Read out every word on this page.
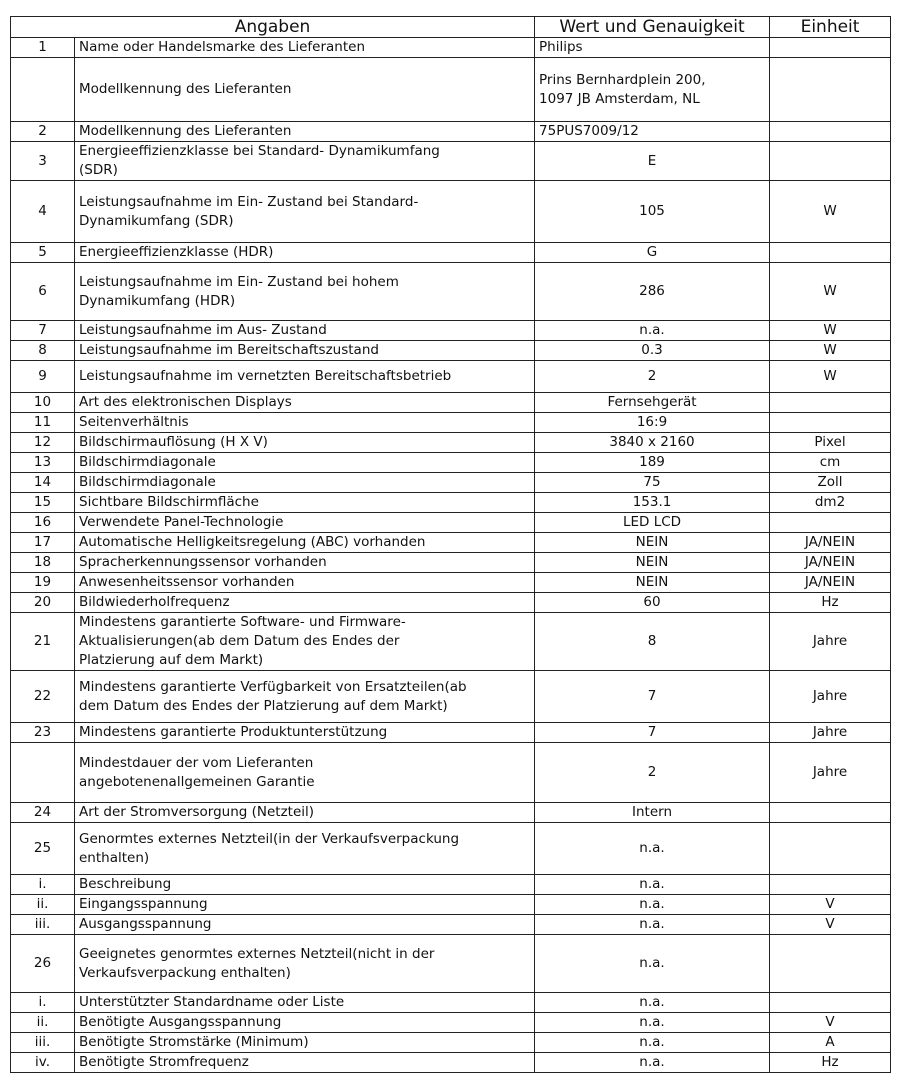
Angaben		Wert und Genauigkeit	Einheit
1	Name oder Handelsmarke des Lieferanten	Philips	

	Modellkennung des Lieferanten	Prins Bernhardplein 200,
1097 JB Amsterdam, NL	

2	Modellkennung des Lieferanten	75PUS7009/12	

3	Energieeffizienzklasse bei Standard- Dynamikumfang
(SDR)	E	

4	Leistungsaufnahme im Ein- Zustand bei Standard-
Dynamikumfang (SDR)	105	W
5	Energieeffizienzklasse (HDR)	G	

6	Leistungsaufnahme im Ein- Zustand bei hohem
Dynamikumfang (HDR)	286	W
7	Leistungsaufnahme im Aus- Zustand	n.a.	W
8	Leistungsaufnahme im Bereitschaftszustand	0.3	W
9	Leistungsaufnahme im vernetzten Bereitschaftsbetrieb	2	W
10	Art des elektronischen Displays	Fernsehgerät	

11	Seitenverhältnis	16:9	

12	Bildschirmauflösung (H X V)	3840 x 2160	Pixel
13	Bildschirmdiagonale	189	cm
14	Bildschirmdiagonale	75	Zoll
15	Sichtbare Bildschirmfläche	153.1	dm2
16	Verwendete Panel-Technologie	LED LCD	

17	Automatische Helligkeitsregelung (ABC) vorhanden	NEIN	JA/NEIN
18	Spracherkennungssensor vorhanden	NEIN	JA/NEIN
19	Anwesenheitssensor vorhanden	NEIN	JA/NEIN
20	Bildwiederholfrequenz	60	Hz
21	Mindestens garantierte Software- und Firmware-
Aktualisierungen(ab dem Datum des Endes der
Platzierung auf dem Markt)	8	Jahre
22	Mindestens garantierte Verfügbarkeit von Ersatzteilen(ab
dem Datum des Endes der Platzierung auf dem Markt)	7	Jahre
23	Mindestens garantierte Produktunterstützung	7	Jahre

	Mindestdauer der vom Lieferanten
angebotenenallgemeinen Garantie	2	Jahre
24	Art der Stromversorgung (Netzteil)	Intern	

25	Genormtes externes Netzteil(in der Verkaufsverpackung
enthalten)	n.a.	

i.	Beschreibung	n.a.	

ii.	Eingangsspannung	n.a.	V
iii.	Ausgangsspannung	n.a.	V
26	Geeignetes genormtes externes Netzteil(nicht in der
Verkaufsverpackung enthalten)	n.a.	

i.	Unterstützter Standardname oder Liste	n.a.	

ii.	Benötigte Ausgangsspannung	n.a.	V
iii.	Benötigte Stromstärke (Minimum)	n.a.	A
iv.	Benötigte Stromfrequenz	n.a.	Hz
